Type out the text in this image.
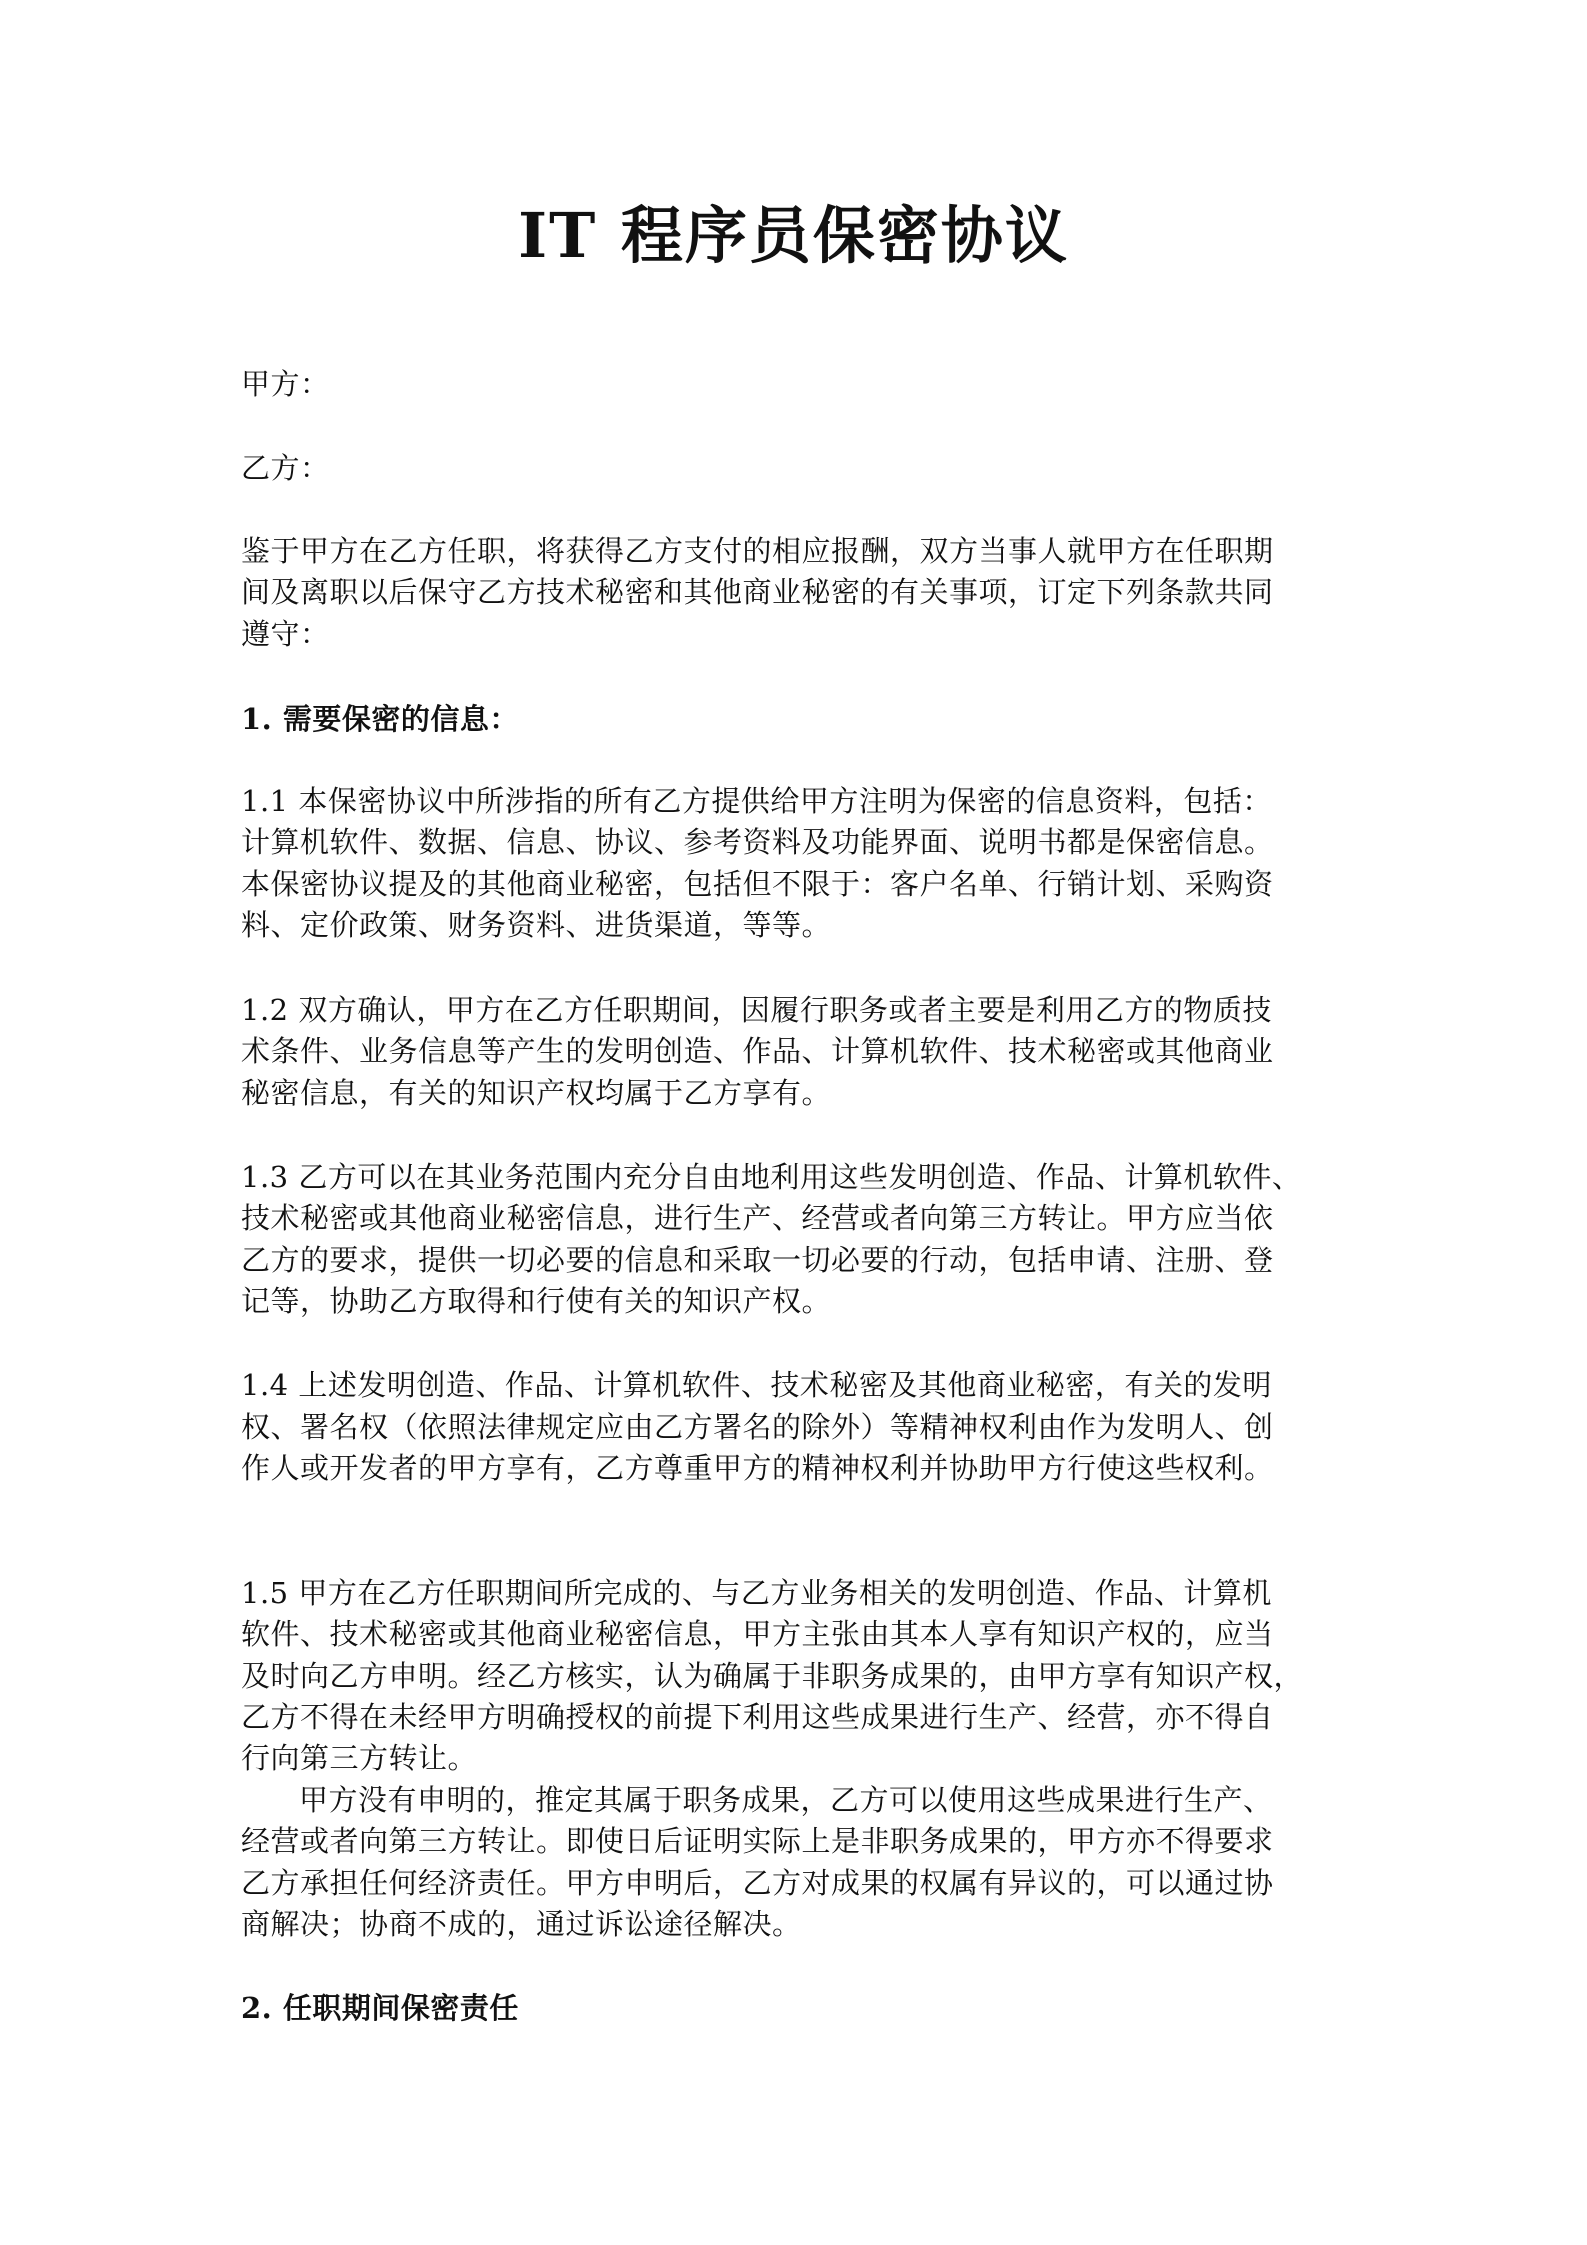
IT 程序员保密协议
甲方：
乙方：
鉴于甲方在乙方任职，将获得乙方支付的相应报酬，双方当事人就甲方在任职期
间及离职以后保守乙方技术秘密和其他商业秘密的有关事项，订定下列条款共同
遵守：
1. 需要保密的信息：
1.1 本保密协议中所涉指的所有乙方提供给甲方注明为保密的信息资料，包括：
计算机软件、数据、信息、协议、参考资料及功能界面、说明书都是保密信息。
本保密协议提及的其他商业秘密，包括但不限于：客户名单、行销计划、采购资
料、定价政策、财务资料、进货渠道，等等。
1.2 双方确认，甲方在乙方任职期间，因履行职务或者主要是利用乙方的物质技
术条件、业务信息等产生的发明创造、作品、计算机软件、技术秘密或其他商业
秘密信息，有关的知识产权均属于乙方享有。
1.3 乙方可以在其业务范围内充分自由地利用这些发明创造、作品、计算机软件、
技术秘密或其他商业秘密信息，进行生产、经营或者向第三方转让。甲方应当依
乙方的要求，提供一切必要的信息和采取一切必要的行动，包括申请、注册、登
记等，协助乙方取得和行使有关的知识产权。
1.4 上述发明创造、作品、计算机软件、技术秘密及其他商业秘密，有关的发明
权、署名权（依照法律规定应由乙方署名的除外）等精神权利由作为发明人、创
作人或开发者的甲方享有，乙方尊重甲方的精神权利并协助甲方行使这些权利。
1.5 甲方在乙方任职期间所完成的、与乙方业务相关的发明创造、作品、计算机
软件、技术秘密或其他商业秘密信息，甲方主张由其本人享有知识产权的，应当
及时向乙方申明。经乙方核实，认为确属于非职务成果的，由甲方享有知识产权，
乙方不得在未经甲方明确授权的前提下利用这些成果进行生产、经营，亦不得自
行向第三方转让。
甲方没有申明的，推定其属于职务成果，乙方可以使用这些成果进行生产、
经营或者向第三方转让。即使日后证明实际上是非职务成果的，甲方亦不得要求
乙方承担任何经济责任。甲方申明后，乙方对成果的权属有异议的，可以通过协
商解决；协商不成的，通过诉讼途径解决。
2. 任职期间保密责任
